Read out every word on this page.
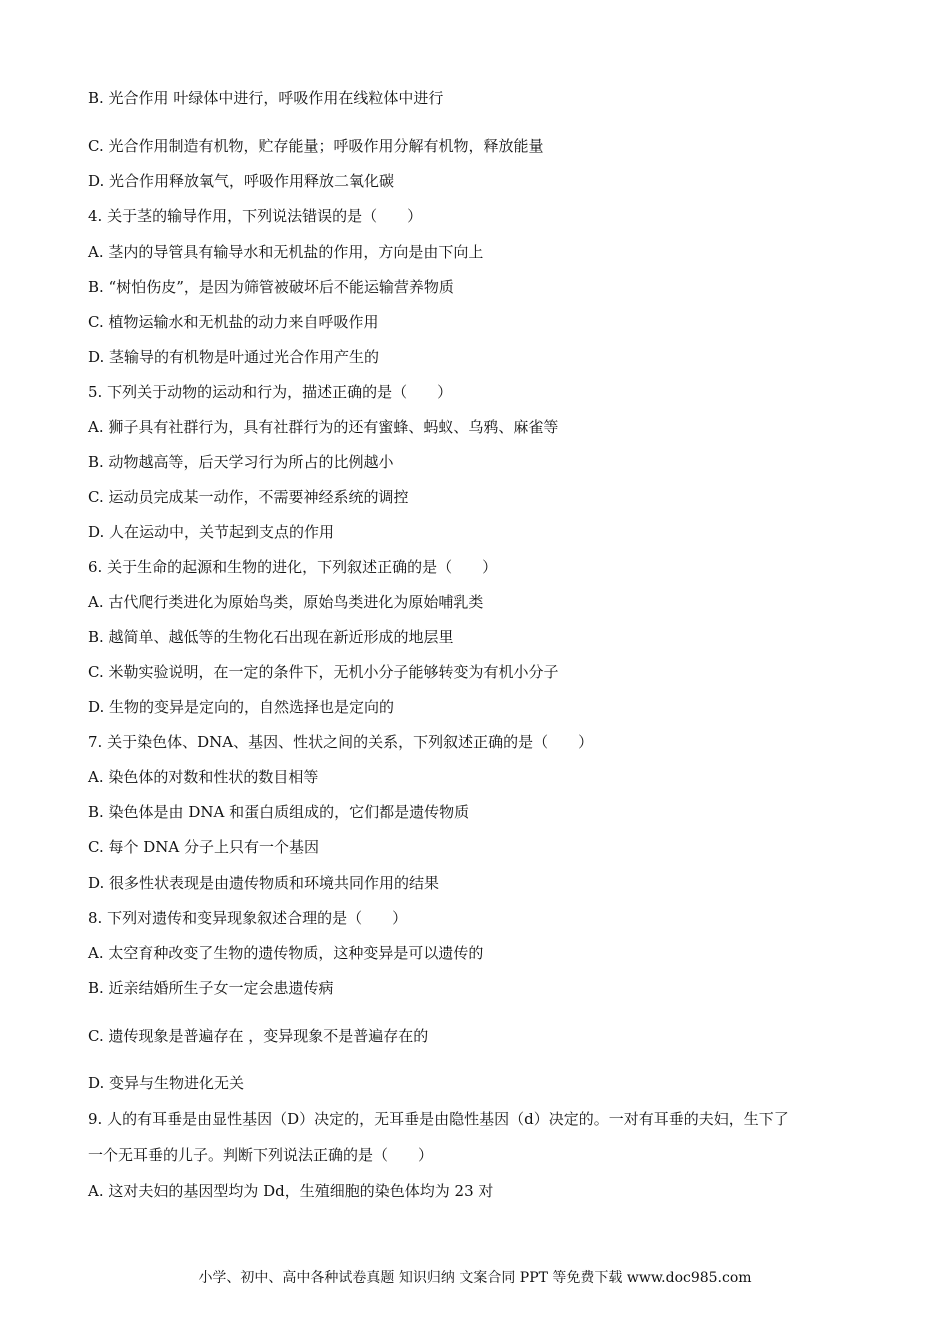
B. 光合作用 叶绿体中进行，呼吸作用在线粒体中进行
C. 光合作用制造有机物，贮存能量；呼吸作用分解有机物，释放能量
D. 光合作用释放氧气，呼吸作用释放二氧化碳
4. 关于茎的输导作用，下列说法错误的是（　　）
A. 茎内的导管具有输导水和无机盐的作用，方向是由下向上
B. “树怕伤皮”，是因为筛管被破坏后不能运输营养物质
C. 植物运输水和无机盐的动力来自呼吸作用
D. 茎输导的有机物是叶通过光合作用产生的
5. 下列关于动物的运动和行为，描述正确的是（　　）
A. 狮子具有社群行为，具有社群行为的还有蜜蜂、蚂蚁、乌鸦、麻雀等
B. 动物越高等，后天学习行为所占的比例越小
C. 运动员完成某一动作，不需要神经系统的调控
D. 人在运动中，关节起到支点的作用
6. 关于生命的起源和生物的进化，下列叙述正确的是（　　）
A. 古代爬行类进化为原始鸟类，原始鸟类进化为原始哺乳类
B. 越简单、越低等的生物化石出现在新近形成的地层里
C. 米勒实验说明，在一定的条件下，无机小分子能够转变为有机小分子
D. 生物的变异是定向的，自然选择也是定向的
7. 关于染色体、DNA、基因、性状之间的关系，下列叙述正确的是（　　）
A. 染色体的对数和性状的数目相等
B. 染色体是由 DNA 和蛋白质组成的，它们都是遗传物质
C. 每个 DNA 分子上只有一个基因
D. 很多性状表现是由遗传物质和环境共同作用的结果
8. 下列对遗传和变异现象叙述合理的是（　　）
A. 太空育种改变了生物的遗传物质，这种变异是可以遗传的
B. 近亲结婚所生子女一定会患遗传病
C. 遗传现象是普遍存在 ，变异现象不是普遍存在的
D. 变异与生物进化无关
9. 人的有耳垂是由显性基因（D）决定的，无耳垂是由隐性基因（d）决定的。一对有耳垂的夫妇，生下了
一个无耳垂的儿子。判断下列说法正确的是（　　）
A. 这对夫妇的基因型均为 Dd，生殖细胞的染色体均为 23 对
小学、初中、高中各种试卷真题 知识归纳 文案合同 PPT 等免费下载 www.doc985.com
